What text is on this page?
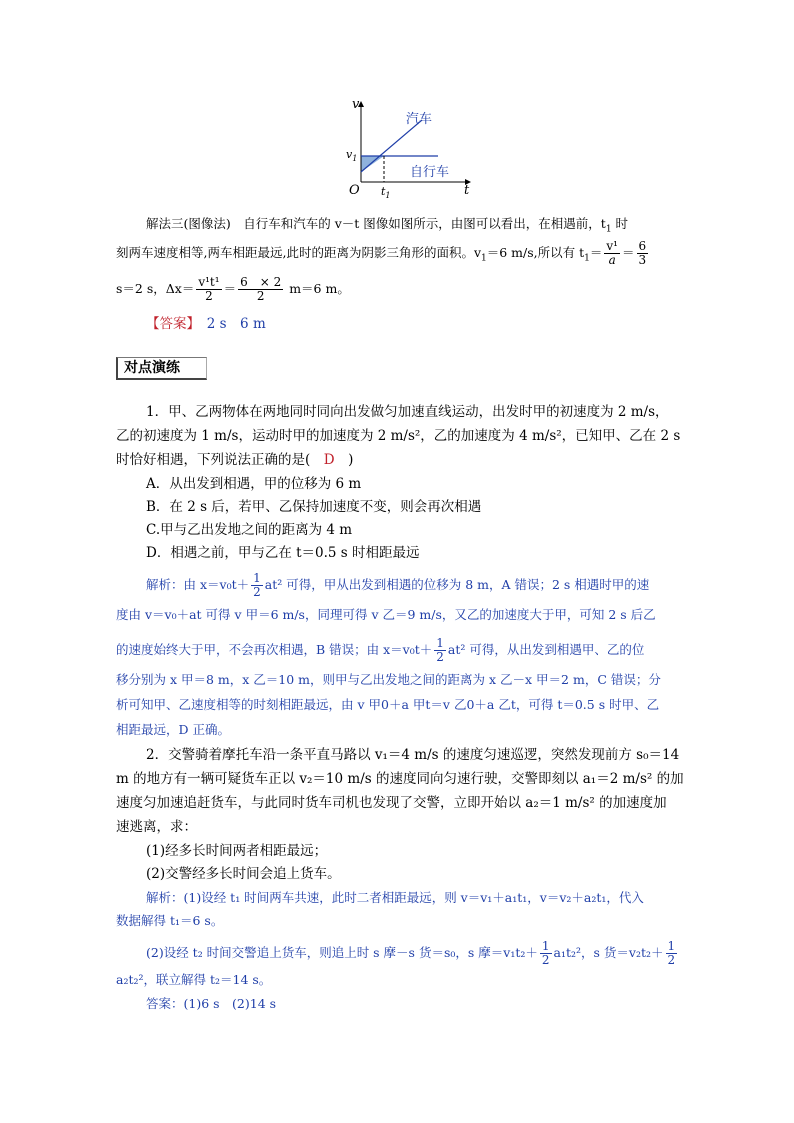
v
t
O
$v_1$
$t_1$
汽车
自行车
解法三(图像法)　自行车和汽车的 v－t 图像如图所示，由图可以看出，在相遇前，$t_1$ 时
刻两车速度相等,两车相距最远,此时的距离为阴影三角形的面积。$v_1=6$ m/s,所以有 $t_1= \frac{\text{v¹}}{a} = \frac{6}{3}$
s＝2 s，$\Delta x= \frac{\text{v¹t¹}}{2} = \frac{6 \times 2}{2} m=6$ m。
【答案】　2 s　6 m
对点演练
1．甲、乙两物体在两地同时同向出发做匀加速直线运动，出发时甲的初速度为 2 m/s，
乙的初速度为 1 m/s，运动时甲的加速度为 2 m/s²，乙的加速度为 4 m/s²，已知甲、乙在 2 s
时恰好相遇，下列说法正确的是(　D　)
A．从出发到相遇，甲的位移为 6 m
B．在 2 s 后，若甲、乙保持加速度不变，则会再次相遇
C.甲与乙出发地之间的距离为 4 m
D．相遇之前，甲与乙在 t＝0.5 s 时相距最远
解析：由 $x=v_0t+ \frac{1}{2} at^2$ 可得，甲从出发到相遇的位移为 8 m，A 错误；2 s 相遇时甲的速
度由 v＝v₀＋at 可得 v 甲＝6 m/s，同理可得 v 乙＝9 m/s，又乙的加速度大于甲，可知 2 s 后乙
的速度始终大于甲，不会再次相遇，B 错误；由 $x=v_0t+ \frac{1}{2} at^2$ 可得，从出发到相遇甲、乙的位
移分别为 x 甲＝8 m，x 乙＝10 m，则甲与乙出发地之间的距离为 x 乙－x 甲＝2 m，C 错误；分
析可知甲、乙速度相等的时刻相距最远，由 v 甲0＋a 甲t＝v 乙0＋a 乙t，可得 t＝0.5 s 时甲、乙
相距最远，D 正确。
2．交警骑着摩托车沿一条平直马路以 v₁＝4 m/s 的速度匀速巡逻，突然发现前方 s₀＝14
m 的地方有一辆可疑货车正以 v₂＝10 m/s 的速度同向匀速行驶，交警即刻以 a₁＝2 m/s² 的加
速度匀加速追赶货车，与此同时货车司机也发现了交警，立即开始以 a₂＝1 m/s² 的加速度加
速逃离，求：
(1)经多长时间两者相距最远；
(2)交警经多长时间会追上货车。
解析：(1)设经 t₁ 时间两车共速，此时二者相距最远，则 v＝v₁＋a₁t₁，v＝v₂＋a₂t₁，代入
数据解得 t₁＝6 s。
(2)设经 t₂ 时间交警追上货车，则追上时 s 摩－s 货＝s₀，s 摩$=v_1t_2+ \frac{1}{2} a_1t_2^2$，s 货$=v_2t_2+ \frac{1}{2}$
a₂t₂²，联立解得 t₂＝14 s。
答案：(1)6 s　(2)14 s
